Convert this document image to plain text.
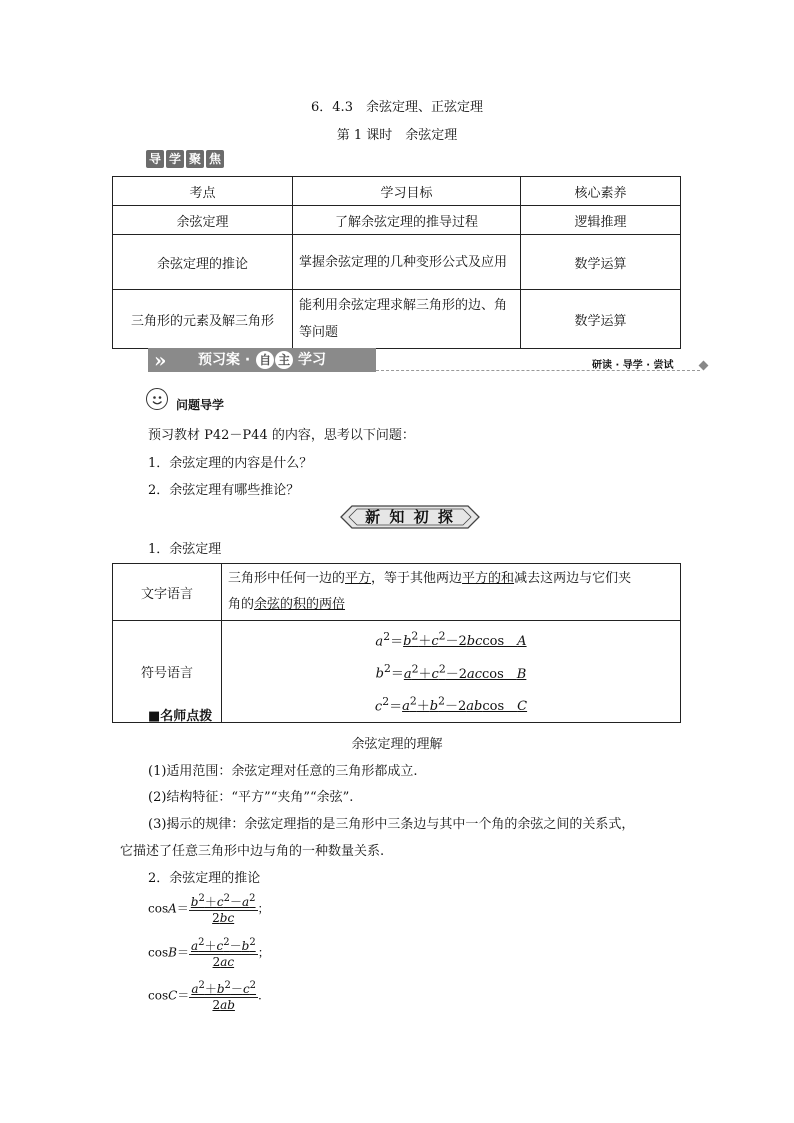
6．4.3　余弦定理、正弦定理
第 1 课时　余弦定理
导 学 聚 焦
考点	学习目标	核心素养
余弦定理	了解余弦定理的推导过程	逻辑推理
余弦定理的推论	掌握余弦定理的几种变形公式及应用	数学运算
三角形的元素及解三角形	能利用余弦定理求解三角形的边、角等问题	数学运算
» 预习案 · 自 主 学习	研读 · 导学 · 尝试
问题导学
预习教材 P42－P44 的内容，思考以下问题：
1．余弦定理的内容是什么？
2．余弦定理有哪些推论？
新 知 初 探
1．余弦定理
文字语言	三角形中任何一边的平方，等于其他两边平方的和减去这两边与它们夹
角的余弦的积的两倍
符号语言	$a^2=b^2+c^2-2bccos$　A
$b^2=a^2+c^2-2accos$　B
$c^2=a^2+b^2-2abcos$　C
■名师点拨
余弦定理的理解
(1)适用范围：余弦定理对任意的三角形都成立.
(2)结构特征：“平方”“夹角”“余弦”.
(3)揭示的规律：余弦定理指的是三角形中三条边与其中一个角的余弦之间的关系式，
它描述了任意三角形中边与角的一种数量关系.
2．余弦定理的推论
$\cos A= \frac{b^2+c^2-a^2}{2bc}$ ；
$\cos B= \frac{a^2+c^2-b^2}{2ac}$ ；
$\cos C= \frac{a^2+b^2-c^2}{2ab}$ .
